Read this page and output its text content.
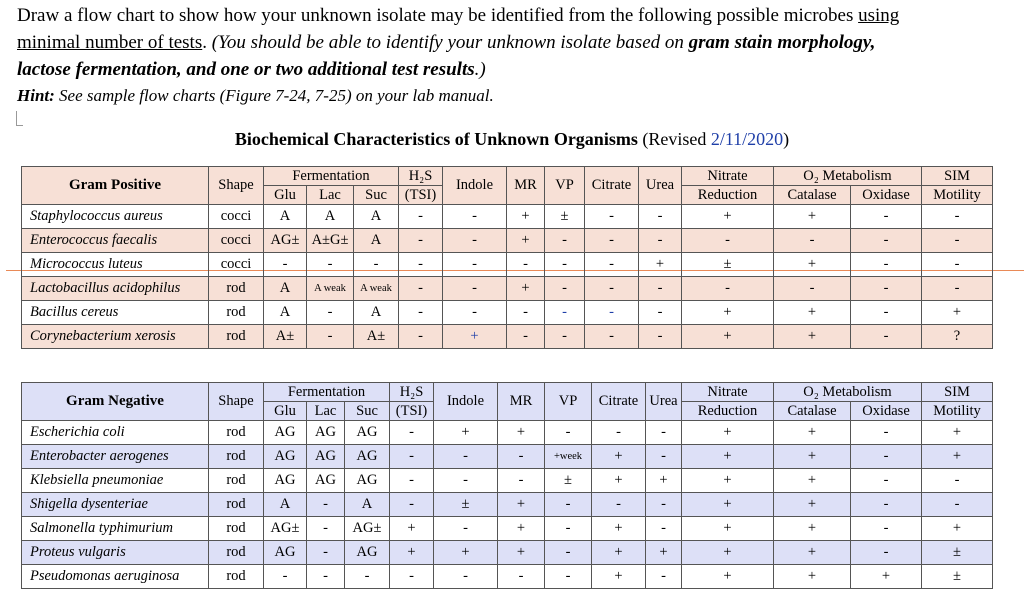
Draw a flow chart to show how your unknown isolate may be identified from the following possible microbes using

minimal number of tests. (You should be able to identify your unknown isolate based on gram stain morphology,

lactose fermentation, and one or two additional test results.)

Hint: See sample flow charts (Figure 7-24, 7-25) on your lab manual.

Biochemical Characteristics of Unknown Organisms (Revised 2/11/2020)
Gram Positive	Shape	Fermentation			H₂S	Indole	MR	VP	Citrate	Urea	Nitrate	O₂ Metabolism		SIM
		Glu	Lac	Suc	(TSI)						Reduction	Catalase	Oxidase	Motility
Staphylococcus aureus	cocci	A	A	A	-	-	+	±	-	-	+	+	-	-
Enterococcus faecalis	cocci	AG±	A±G±	A	-	-	+	-	-	-	-	-	-	-
Micrococcus luteus	cocci	-	-	-	-	-	-	-	-	+	±	+	-	-
Lactobacillus acidophilus	rod	A	A weak	A weak	-	-	+	-	-	-	-	-	-	-
Bacillus cereus	rod	A	-	A	-	-	-	-	-	-	+	+	-	+
Corynebacterium xerosis	rod	A±	-	A±	-	+	-	-	-	-	+	+	-	?
Gram Negative	Shape	Fermentation			H₂S	Indole	MR	VP	Citrate	Urea	Nitrate	O₂ Metabolism		SIM
		Glu	Lac	Suc	(TSI)						Reduction	Catalase	Oxidase	Motility
Escherichia coli	rod	AG	AG	AG	-	+	+	-	-	-	+	+	-	+
Enterobacter aerogenes	rod	AG	AG	AG	-	-	-	+week	+	-	+	+	-	+
Klebsiella pneumoniae	rod	AG	AG	AG	-	-	-	±	+	+	+	+	-	-
Shigella dysenteriae	rod	A	-	A	-	±	+	-	-	-	+	+	-	-
Salmonella typhimurium	rod	AG±	-	AG±	+	-	+	-	+	-	+	+	-	+
Proteus vulgaris	rod	AG	-	AG	+	+	+	-	+	+	+	+	-	±
Pseudomonas aeruginosa	rod	-	-	-	-	-	-	-	+	-	+	+	+	±
